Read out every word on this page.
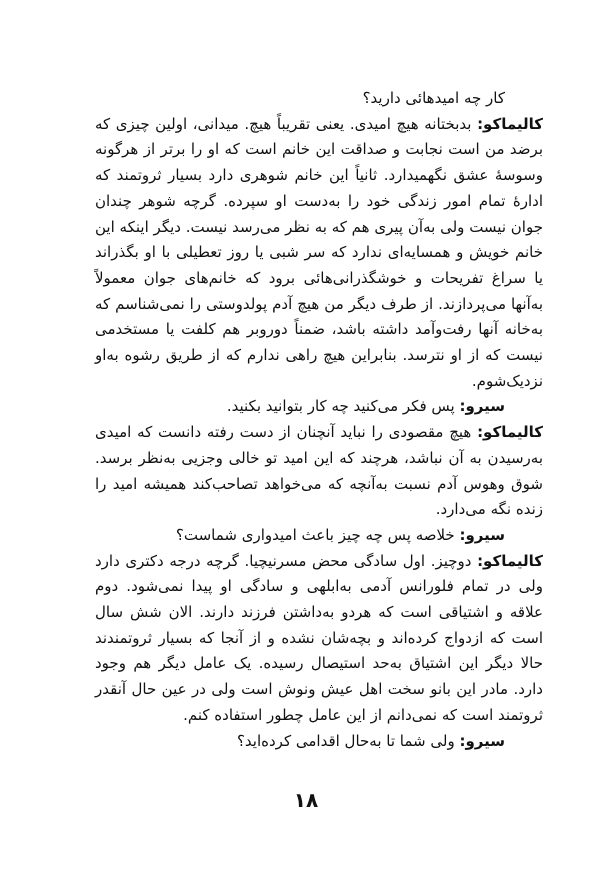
کار چه امیدهائی دارید؟

کالیماکو: بدبختانه هیچ امیدی. یعنی تقریباً هیچ. میدانی، اولین چیزی که برضد من است نجابت و صداقت این خانم است که او را برتر از هرگونه وسوسهٔ عشق نگهمیدارد. ثانیاً این خانم شوهری دارد بسیار ثروتمند که ادارهٔ تمام امور زندگی خود را به‌دست او سپرده. گرچه شوهر چندان جوان نیست ولی به‌آن پیری هم که به نظر می‌رسد نیست. دیگر اینکه این خانم خویش و همسایه‌ای ندارد که سر شبی یا روز تعطیلی با او بگذراند یا سراغ تفریحات و خوشگذرانی‌هائی برود که خانم‌های جوان معمولاً به‌آنها می‌پردازند. از طرف دیگر من هیچ آدم پولدوستی را نمی‌شناسم که به‌خانه آنها رفت‌وآمد داشته باشد، ضمناً دوروبر هم کلفت یا مستخدمی نیست که از او نترسد. بنابراین هیچ راهی ندارم که از طریق رشوه به‌او نزدیک‌شوم.

سیرو: پس فکر می‌کنید چه کار بتوانید بکنید.

کالیماکو: هیچ مقصودی را نباید آنچنان از دست رفته دانست که امیدی به‌رسیدن به آن نباشد، هرچند که این امید تو خالی وجزیی به‌نظر برسد. شوق وهوس آدم نسبت به‌آنچه که می‌خواهد تصاحب‌کند همیشه امید را زنده نگه می‌دارد.

سیرو: خلاصه پس چه چیز باعث امیدواری شماست؟

کالیماکو: دوچیز. اول سادگی محض مسرنیچیا. گرچه درجه دکتری دارد ولی در تمام فلورانس آدمی به‌ابلهی و سادگی او پیدا نمی‌شود. دوم علاقه و اشتیاقی است که هردو به‌داشتن فرزند دارند. الان شش سال است که ازدواج کرده‌اند و بچه‌شان نشده و از آنجا که بسیار ثروتمندند حالا دیگر این اشتیاق به‌حد استیصال رسیده. یک عامل دیگر هم وجود دارد. مادر این بانو سخت اهل عیش ونوش است ولی در عین حال آنقدر ثروتمند است که نمی‌دانم از این عامل چطور استفاده کنم.

سیرو: ولی شما تا به‌حال اقدامی کرده‌اید؟

١٨
